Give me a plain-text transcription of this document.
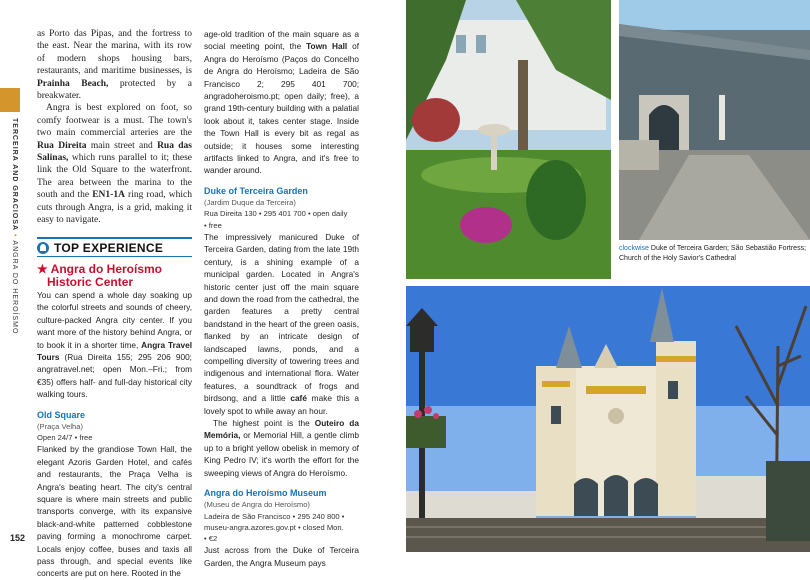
TERCEIRA AND GRACIOSA • ANGRA DO HEROÍSMO

as Porto das Pipas, and the fortress to the east. Near the marina, with its row of modern shops housing bars, restaurants, and maritime businesses, is Prainha Beach, protected by a breakwater.

Angra is best explored on foot, so comfy footwear is a must. The town's two main commercial arteries are the Rua Direita main street and Rua das Salinas, which runs parallel to it; these link the Old Square to the waterfront. The area between the marina to the south and the EN1-1A ring road, which cuts through Angra, is a grid, making it easy to navigate.

TOP EXPERIENCE
★ Angra do Heroísmo
Historic Center

You can spend a whole day soaking up the colorful streets and sounds of cheery, culture-packed Angra city center. If you want more of the history behind Angra, or to book it in a shorter time, Angra Travel Tours (Rua Direita 155; 295 206 900; angratravel.net; open Mon.–Fri.; from €35) offers half- and full-day historical city walking tours.

Old Square
(Praça Velha)
Open 24/7 • free

Flanked by the grandiose Town Hall, the elegant Azoris Garden Hotel, and cafés and restaurants, the Praça Velha is Angra's beating heart. The city's central square is where main streets and public transports converge, with its expansive black-and-white patterned cobblestone paving forming a monochrome carpet. Locals enjoy coffee, buses and taxis all pass through, and special events like concerts are put on here. Rooted in the

age-old tradition of the main square as a social meeting point, the Town Hall of Angra do Heroísmo (Paços do Concelho de Angra do Heroísmo; Ladeira de São Francisco 2; 295 401 700; angradoheroismo.pt; open daily; free), a grand 19th-century building with a palatial look about it, takes center stage. Inside the Town Hall is every bit as regal as outside; it houses some interesting artifacts linked to Angra, and it's free to wander around.

Duke of Terceira Garden
(Jardim Duque da Terceira)
Rua Direita 130 • 295 401 700 • open daily
• free

The impressively manicured Duke of Terceira Garden, dating from the late 19th century, is a shining example of a municipal garden. Located in Angra's historic center just off the main square and down the road from the cathedral, the garden features a pretty central bandstand in the heart of the green oasis, flanked by an intricate design of landscaped lawns, ponds, and a compelling diversity of towering trees and indigenous and international flora. Water features, a soundtrack of frogs and birdsong, and a little café make this a lovely spot to while away an hour.

The highest point is the Outeiro da Memória, or Memorial Hill, a gentle climb up to a bright yellow obelisk in memory of King Pedro IV; it's worth the effort for the sweeping views of Angra do Heroísmo.

Angra do Heroísmo Museum
(Museu de Angra do Heroísmo)
Ladeira de São Francisco • 295 240 800 •
museu-angra.azores.gov.pt • closed Mon.
• €2

Just across from the Duke of Terceira Garden, the Angra Museum pays

152
clockwise Duke of Terceira Garden; São Sebastião Fortress; Church of the Holy Savior's Cathedral
